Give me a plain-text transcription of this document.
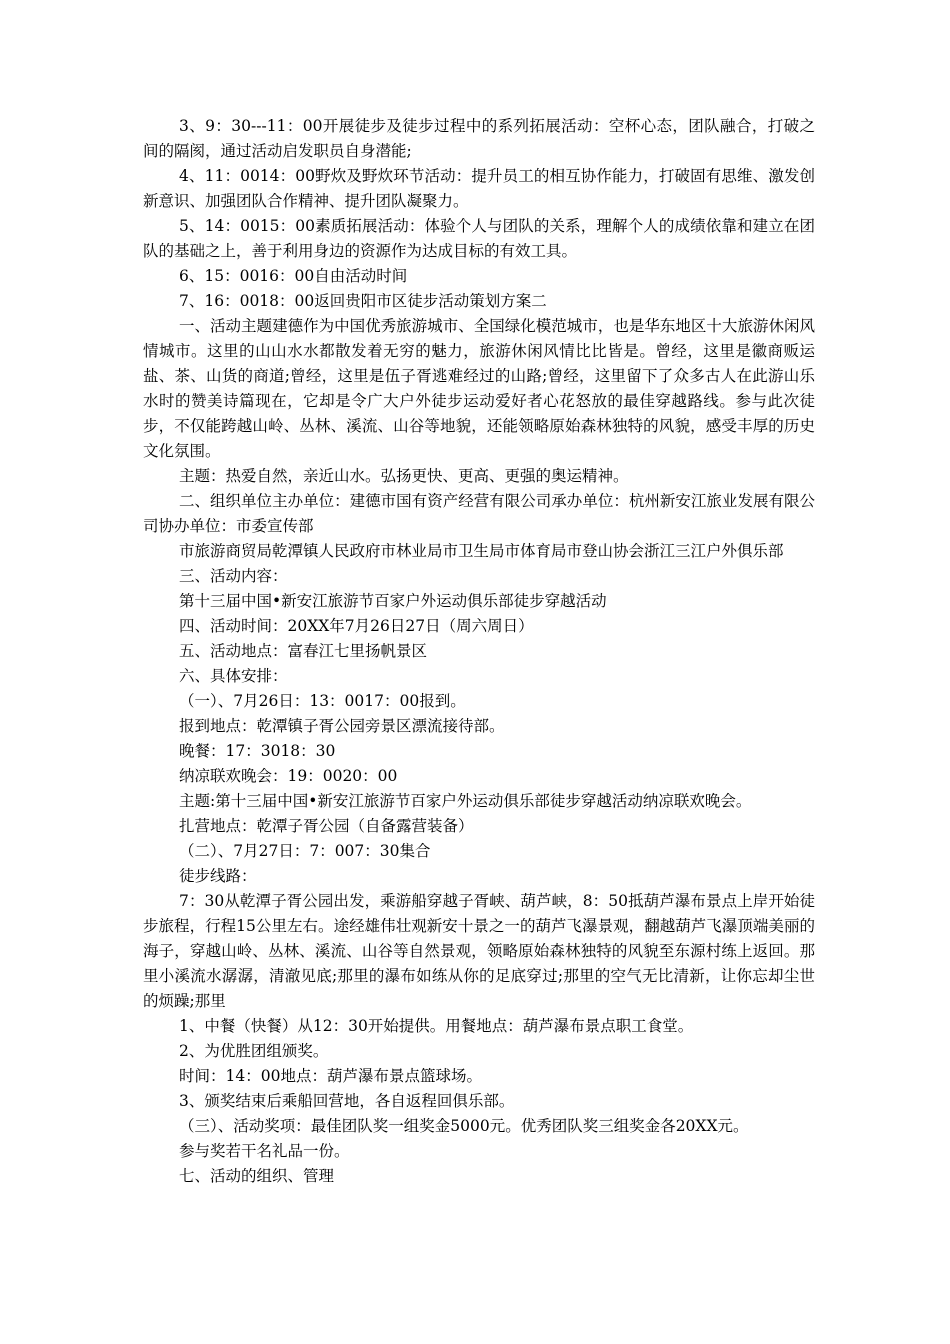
3、9：30---11：00开展徒步及徒步过程中的系列拓展活动：空杯心态，团队融合，打破之间的隔阂，通过活动启发职员自身潜能;

4、11：0014：00野炊及野炊环节活动：提升员工的相互协作能力，打破固有思维、激发创新意识、加强团队合作精神、提升团队凝聚力。

5、14：0015：00素质拓展活动：体验个人与团队的关系，理解个人的成绩依靠和建立在团队的基础之上，善于利用身边的资源作为达成目标的有效工具。

6、15：0016：00自由活动时间

7、16：0018：00返回贵阳市区徒步活动策划方案二

一、活动主题建德作为中国优秀旅游城市、全国绿化模范城市，也是华东地区十大旅游休闲风情城市。这里的山山水水都散发着无穷的魅力，旅游休闲风情比比皆是。曾经，这里是徽商贩运盐、茶、山货的商道;曾经，这里是伍子胥逃难经过的山路;曾经，这里留下了众多古人在此游山乐水时的赞美诗篇现在，它却是令广大户外徒步运动爱好者心花怒放的最佳穿越路线。参与此次徒步，不仅能跨越山岭、丛林、溪流、山谷等地貌，还能领略原始森林独特的风貌，感受丰厚的历史文化氛围。

主题：热爱自然，亲近山水。弘扬更快、更高、更强的奥运精神。

二、组织单位主办单位：建德市国有资产经营有限公司承办单位：杭州新安江旅业发展有限公司协办单位：市委宣传部

市旅游商贸局乾潭镇人民政府市林业局市卫生局市体育局市登山协会浙江三江户外俱乐部

三、活动内容：

第十三届中国•新安江旅游节百家户外运动俱乐部徒步穿越活动

四、活动时间：20XX年7月26日27日（周六周日）

五、活动地点：富春江七里扬帆景区

六、具体安排：

（一）、7月26日：13：0017：00报到。

报到地点：乾潭镇子胥公园旁景区漂流接待部。

晚餐：17：3018：30

纳凉联欢晚会：19：0020：00

主题:第十三届中国•新安江旅游节百家户外运动俱乐部徒步穿越活动纳凉联欢晚会。

扎营地点：乾潭子胥公园（自备露营装备）

（二）、7月27日：7：007：30集合

徒步线路：

7：30从乾潭子胥公园出发，乘游船穿越子胥峡、葫芦峡，8：50抵葫芦瀑布景点上岸开始徒步旅程，行程15公里左右。途经雄伟壮观新安十景之一的葫芦飞瀑景观，翻越葫芦飞瀑顶端美丽的海子，穿越山岭、丛林、溪流、山谷等自然景观，领略原始森林独特的风貌至东源村练上返回。那里小溪流水潺潺，清澈见底;那里的瀑布如练从你的足底穿过;那里的空气无比清新，让你忘却尘世的烦躁;那里

1、中餐（快餐）从12：30开始提供。用餐地点：葫芦瀑布景点职工食堂。

2、为优胜团组颁奖。

时间：14：00地点：葫芦瀑布景点篮球场。

3、颁奖结束后乘船回营地，各自返程回俱乐部。

（三）、活动奖项：最佳团队奖一组奖金5000元。优秀团队奖三组奖金各20XX元。

参与奖若干名礼品一份。

七、活动的组织、管理
